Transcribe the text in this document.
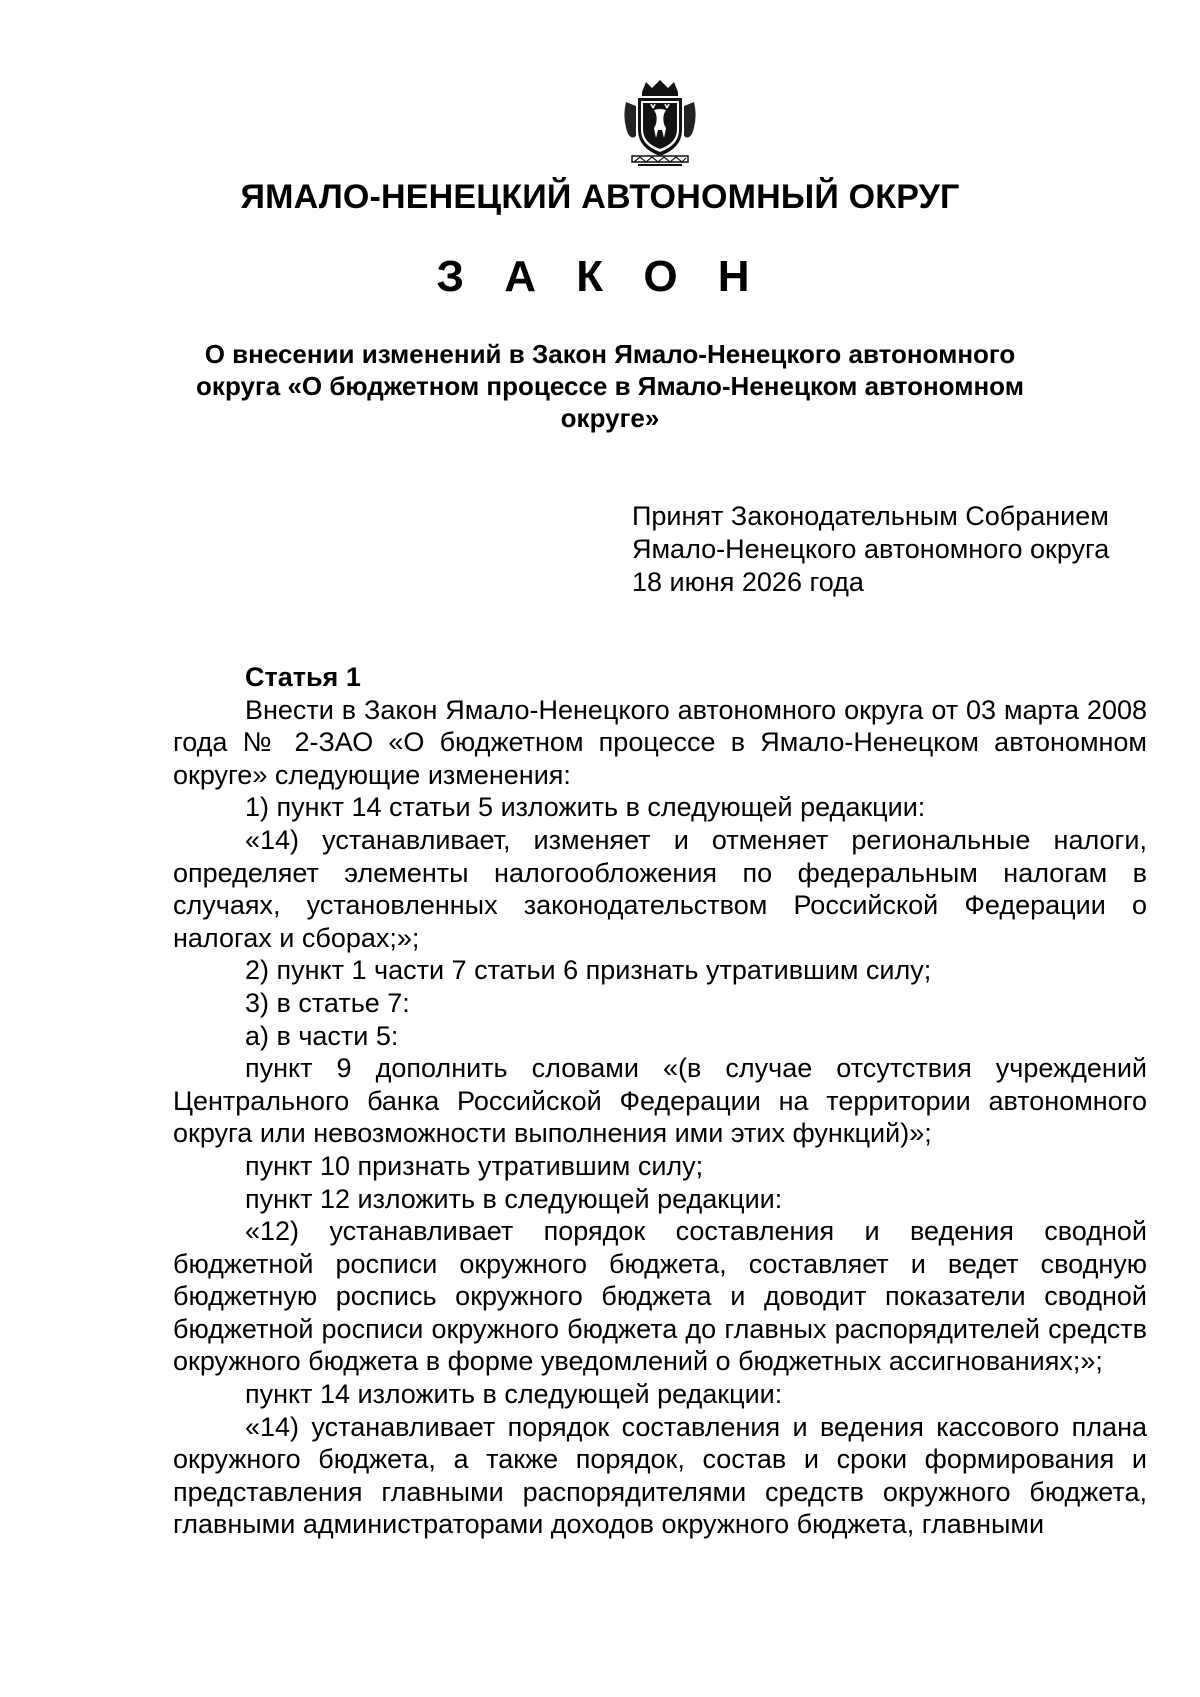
ЯМАЛО-НЕНЕЦКИЙ АВТОНОМНЫЙ ОКРУГ
З А К О Н
О внесении изменений в Закон Ямало-Ненецкого автономного округа «О бюджетном процессе в Ямало-Ненецком автономном округе»
Принят Законодательным Собранием
Ямало-Ненецкого автономного округа
18 июня 2026 года

Статья 1

Внести в Закон Ямало-Ненецкого автономного округа от 03 марта 2008 года № 2-ЗАО «О бюджетном процессе в Ямало-Ненецком автономном округе» следующие изменения:

1) пункт 14 статьи 5 изложить в следующей редакции:

«14) устанавливает, изменяет и отменяет региональные налоги, определяет элементы налогообложения по федеральным налогам в случаях, установленных законодательством Российской Федерации о налогах и сборах;»;

2) пункт 1 части 7 статьи 6 признать утратившим силу;

3) в статье 7:

а) в части 5:

пункт 9 дополнить словами «(в случае отсутствия учреждений Центрального банка Российской Федерации на территории автономного округа или невозможности выполнения ими этих функций)»;

пункт 10 признать утратившим силу;

пункт 12 изложить в следующей редакции:

«12) устанавливает порядок составления и ведения сводной бюджетной росписи окружного бюджета, составляет и ведет сводную бюджетную роспись окружного бюджета и доводит показатели сводной бюджетной росписи окружного бюджета до главных распорядителей средств окружного бюджета в форме уведомлений о бюджетных ассигнованиях;»;

пункт 14 изложить в следующей редакции:

«14) устанавливает порядок составления и ведения кассового плана окружного бюджета, а также порядок, состав и сроки формирования и представления главными распорядителями средств окружного бюджета, главными администраторами доходов окружного бюджета, главными
